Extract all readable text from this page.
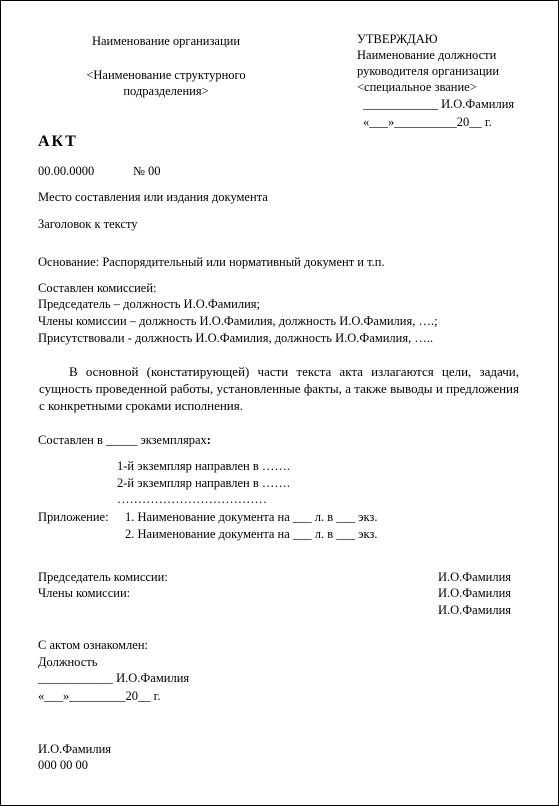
Наименование организации
<Наименование структурного
подразделения>
УТВЕРЖДАЮ
Наименование должности
руководителя организации
<специальное звание>
____________ И.О.Фамилия
«___»__________20__ г.
АКТ
00.00.0000	№ 00
Место составления или издания документа
Заголовок к тексту
Основание: Распорядительный или нормативный документ и т.п.
Составлен комиссией:
Председатель – должность И.О.Фамилия;
Члены комиссии – должность И.О.Фамилия, должность И.О.Фамилия, ….;
Присутствовали - должность И.О.Фамилия, должность И.О.Фамилия, …..
В основной (констатирующей) части текста акта излагаются цели, задачи, сущность проведенной работы, установленные факты, а также выводы и предложения с конкретными сроками исполнения.
Составлен в _____ экземплярах:
1-й экземпляр направлен в …….
2-й экземпляр направлен в …….
………………………………
Приложение: 1. Наименование документа на ___ л. в ___ экз.
2. Наименование документа на ___ л. в ___ экз.
Председатель комиссии:
Члены комиссии:
И.О.Фамилия
И.О.Фамилия
И.О.Фамилия
С актом ознакомлен:
Должность
____________ И.О.Фамилия
«___»_________20__ г.
И.О.Фамилия
000 00 00
